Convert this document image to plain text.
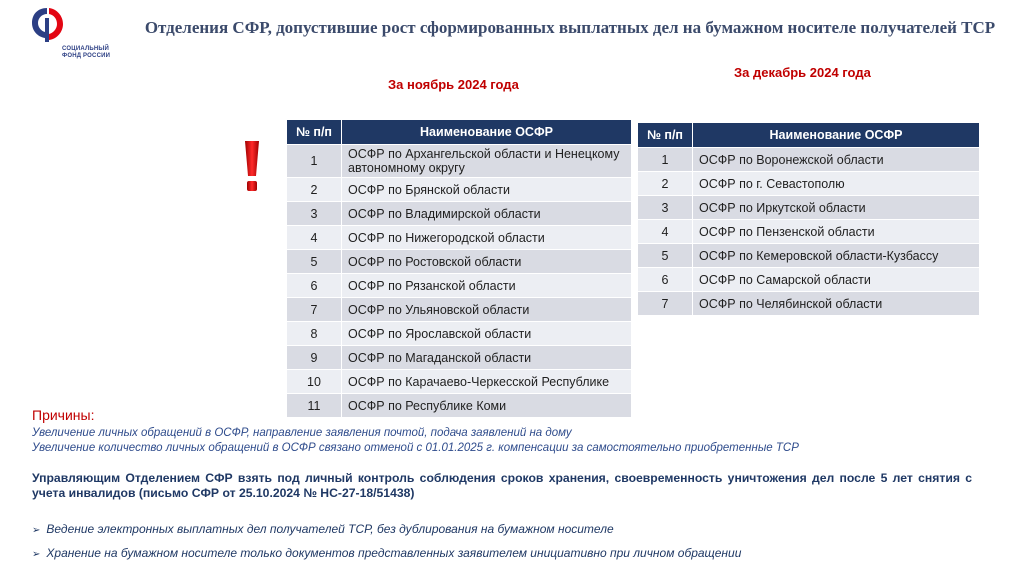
СОЦИАЛЬНЫЙ
ФОНД РОССИИ
Отделения СФР, допустившие рост сформированных выплатных дел на бумажном носителе получателей ТСР
За ноябрь 2024 года
За декабрь 2024 года
№ п/п	Наименование ОСФР
1	ОСФР по Архангельской области и Ненецкому автономному округу
2	ОСФР по Брянской области
3	ОСФР по Владимирской области
4	ОСФР по Нижегородской области
5	ОСФР по Ростовской области
6	ОСФР по Рязанской области
7	ОСФР по Ульяновской области
8	ОСФР по Ярославской области
9	ОСФР по Магаданской области
10	ОСФР по Карачаево-Черкесской Республике
11	ОСФР по Республике Коми
№ п/п	Наименование ОСФР
1	ОСФР по Воронежской области
2	ОСФР по г. Севастополю
3	ОСФР по Иркутской области
4	ОСФР по Пензенской области
5	ОСФР по Кемеровской области-Кузбассу
6	ОСФР по Самарской области
7	ОСФР по Челябинской области
Причины:
Увеличение личных обращений в ОСФР, направление заявления почтой, подача заявлений на дому
Увеличение количество личных обращений в ОСФР связано отменой с 01.01.2025 г. компенсации за самостоятельно приобретенные ТСР
Управляющим Отделением СФР взять под личный контроль соблюдения сроков хранения, своевременность уничтожения дел после 5 лет снятия с учета инвалидов (письмо СФР от 25.10.2024 № НС-27-18/51438)
➢ Ведение электронных выплатных дел получателей ТСР, без дублирования на бумажном носителе
➢ Хранение на бумажном носителе только документов представленных заявителем инициативно при личном обращении
